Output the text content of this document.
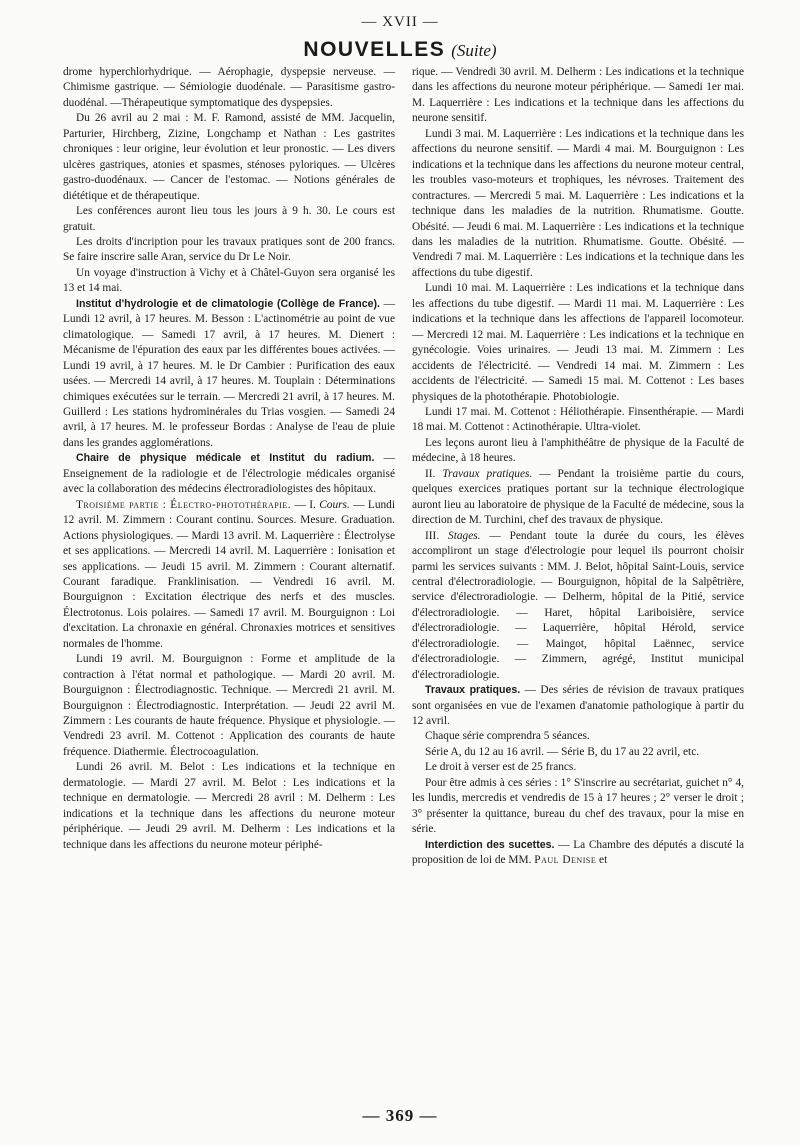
— XVII —
NOUVELLES (Suite)

drome hyperchlorhydrique. — Aérophagie, dyspepsie nerveuse. — Chimisme gastrique. — Sémiologie duodénale. — Parasitisme gastro-duodénal. —Thérapeutique symptomatique des dyspepsies.

Du 26 avril au 2 mai : M. F. Ramond, assisté de MM. Jacquelin, Parturier, Hirchberg, Zizine, Longchamp et Nathan : Les gastrites chroniques : leur origine, leur évolution et leur pronostic. — Les divers ulcères gastriques, atonies et spasmes, sténoses pyloriques. — Ulcères gastro-duodénaux. — Cancer de l'estomac. — Notions générales de diététique et de thérapeutique.

Les conférences auront lieu tous les jours à 9 h. 30. Le cours est gratuit.

Les droits d'incription pour les travaux pratiques sont de 200 francs. Se faire inscrire salle Aran, service du Dr Le Noir.

Un voyage d'instruction à Vichy et à Châtel-Guyon sera organisé les 13 et 14 mai.

Institut d'hydrologie et de climatologie (Collège de France). — Lundi 12 avril, à 17 heures. M. Besson : L'actinométrie au point de vue climatologique. — Samedi 17 avril, à 17 heures. M. Dienert : Mécanisme de l'épuration des eaux par les différentes boues activées. — Lundi 19 avril, à 17 heures. M. le Dr Cambier : Purification des eaux usées. — Mercredi 14 avril, à 17 heures. M. Touplain : Déterminations chimiques exécutées sur le terrain. — Mercredi 21 avril, à 17 heures. M. Guillerd : Les stations hydrominérales du Trias vosgien. — Samedi 24 avril, à 17 heures. M. le professeur Bordas : Analyse de l'eau de pluie dans les grandes agglomérations.

Chaire de physique médicale et Institut du radium. — Enseignement de la radiologie et de l'électrologie médicales organisé avec la collaboration des médecins électroradiologistes des hôpitaux.

Troisième partie : Électro-photothérapie. — I. Cours. — Lundi 12 avril. M. Zimmern : Courant continu. Sources. Mesure. Graduation. Actions physiologiques. — Mardi 13 avril. M. Laquerrière : Électrolyse et ses applications. — Mercredi 14 avril. M. Laquerrière : Ionisation et ses applications. — Jeudi 15 avril. M. Zimmern : Courant alternatif. Courant faradique. Franklinisation. — Vendredi 16 avril. M. Bourguignon : Excitation électrique des nerfs et des muscles. Électrotonus. Lois polaires. — Samedi 17 avril. M. Bourguignon : Loi d'excitation. La chronaxie en général. Chronaxies motrices et sensitives normales de l'homme.

Lundi 19 avril. M. Bourguignon : Forme et amplitude de la contraction à l'état normal et pathologique. — Mardi 20 avril. M. Bourguignon : Électrodiagnostic. Technique. — Mercredi 21 avril. M. Bourguignon : Électrodiagnostic. Interprétation. — Jeudi 22 avril M. Zimmern : Les courants de haute fréquence. Physique et physiologie. — Vendredi 23 avril. M. Cottenot : Application des courants de haute fréquence. Diathermie. Électrocoagulation.

Lundi 26 avril. M. Belot : Les indications et la technique en dermatologie. — Mardi 27 avril. M. Belot : Les indications et la technique en dermatologie. — Mercredi 28 avril : M. Delherm : Les indications et la technique dans les affections du neurone moteur périphérique. — Jeudi 29 avril. M. Delherm : Les indications et la technique dans les affections du neurone moteur périphé-

rique. — Vendredi 30 avril. M. Delherm : Les indications et la technique dans les affections du neurone moteur périphérique. — Samedi 1er mai. M. Laquerrière : Les indications et la technique dans les affections du neurone sensitif.

Lundi 3 mai. M. Laquerrière : Les indications et la technique dans les affections du neurone sensitif. — Mardi 4 mai. M. Bourguignon : Les indications et la technique dans les affections du neurone moteur central, les troubles vaso-moteurs et trophiques, les névroses. Traitement des contractures. — Mercredi 5 mai. M. Laquerrière : Les indications et la technique dans les maladies de la nutrition. Rhumatisme. Goutte. Obésité. — Jeudi 6 mai. M. Laquerrière : Les indications et la technique dans les maladies de la nutrition. Rhumatisme. Goutte. Obésité. — Vendredi 7 mai. M. Laquerrière : Les indications et la technique dans les affections du tube digestif.

Lundi 10 mai. M. Laquerrière : Les indications et la technique dans les affections du tube digestif. — Mardi 11 mai. M. Laquerrière : Les indications et la technique dans les affections de l'appareil locomoteur. — Mercredi 12 mai. M. Laquerrière : Les indications et la technique en gynécologie. Voies urinaires. — Jeudi 13 mai. M. Zimmern : Les accidents de l'électricité. — Vendredi 14 mai. M. Zimmern : Les accidents de l'électricité. — Samedi 15 mai. M. Cottenot : Les bases physiques de la photothérapie. Photobiologie.

Lundi 17 mai. M. Cottenot : Héliothérapie. Finsenthérapie. — Mardi 18 mai. M. Cottenot : Actinothérapie. Ultra-violet.

Les leçons auront lieu à l'amphithéâtre de physique de la Faculté de médecine, à 18 heures.

II. Travaux pratiques. — Pendant la troisième partie du cours, quelques exercices pratiques portant sur la technique électrologique auront lieu au laboratoire de physique de la Faculté de médecine, sous la direction de M. Turchini, chef des travaux de physique.

III. Stages. — Pendant toute la durée du cours, les élèves accompliront un stage d'électrologie pour lequel ils pourront choisir parmi les services suivants : MM. J. Belot, hôpital Saint-Louis, service central d'électroradiologie. — Bourguignon, hôpital de la Salpêtrière, service d'électroradiologie. — Delherm, hôpital de la Pitié, service d'électroradiologie. — Haret, hôpital Lariboisière, service d'électroradiologie. — Laquerrière, hôpital Hérold, service d'électroradiologie. — Maingot, hôpital Laënnec, service d'électroradiologie. — Zimmern, agrégé, Institut municipal d'électroradiologie.

Travaux pratiques. — Des séries de révision de travaux pratiques sont organisées en vue de l'examen d'anatomie pathologique à partir du 12 avril.

Chaque série comprendra 5 séances.

Série A, du 12 au 16 avril. — Série B, du 17 au 22 avril, etc.

Le droit à verser est de 25 francs.

Pour être admis à ces séries : 1° S'inscrire au secrétariat, guichet n° 4, les lundis, mercredis et vendredis de 15 à 17 heures ; 2° verser le droit ; 3° présenter la quittance, bureau du chef des travaux, pour la mise en série.

Interdiction des sucettes. — La Chambre des députés a discuté la proposition de loi de MM. Paul Denise et

— 369 —
